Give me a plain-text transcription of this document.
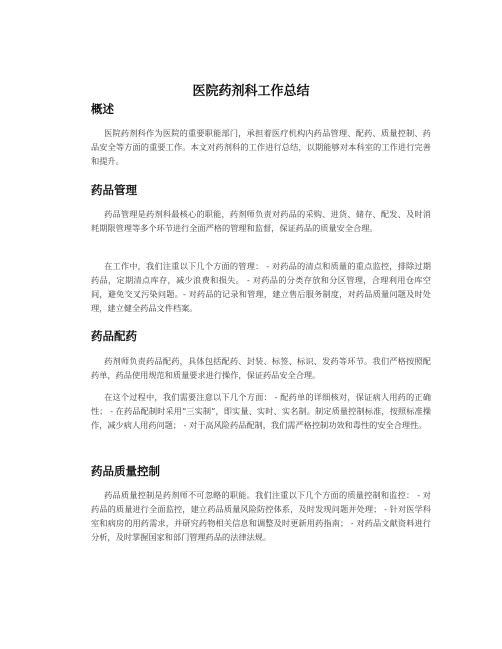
医院药剂科工作总结
概述

医院药剂科作为医院的重要职能部门，承担着医疗机构内药品管理、配药、质量控制、药品安全等方面的重要工作。本文对药剂科的工作进行总结，以期能够对本科室的工作进行完善和提升。

药品管理

药品管理是药剂科最核心的职能，药剂师负责对药品的采购、进货、储存、配发、及时消耗期限管理等多个环节进行全面严格的管理和监督，保证药品的质量安全合理。

在工作中，我们注重以下几个方面的管理： - 对药品的清点和质量的重点监控，排除过期药品，定期清点库存，减少浪费和损失。 - 对药品的分类存放和分区管理，合理利用仓库空间，避免交叉污染问题。- 对药品的记录和管理，建立售后服务制度，对药品质量问题及时处理，建立健全药品文件档案。

药品配药

药剂师负责药品配药，具体包括配药、封装、标签、标识、发药等环节。我们严格按照配药单，药品使用规范和质量要求进行操作，保证药品安全合理。

在这个过程中，我们需要注意以下几个方面： - 配药单的详细核对，保证病人用药的正确性； - 在药品配制时采用“三实制”，即实量、实时、实名制。制定质量控制标准，按照标准操作，减少病人用药问题； - 对于高风险药品配制，我们需严格控制功效和毒性的安全合理性。

药品质量控制

药品质量控制是药剂师不可忽略的职能。我们注重以下几个方面的质量控制和监控： - 对药品的质量进行全面监控，建立药品质量风险防控体系，及时发现问题并处理； - 针对医学科室和病房的用药需求，并研究药物相关信息和调整及时更新用药指南； - 对药品文献资料进行分析，及时掌握国家和部门管理药品的法律法规。
